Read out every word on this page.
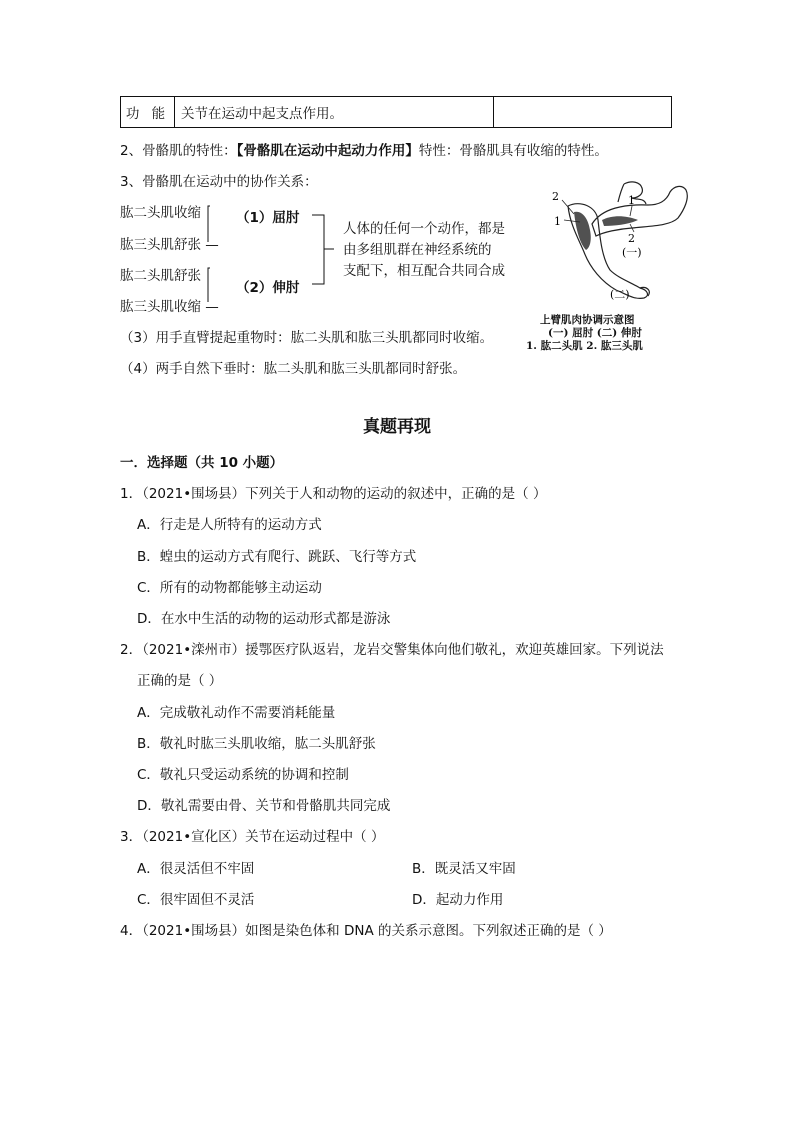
功 能 关节在运动中起支点作用。
2、骨骼肌的特性：【骨骼肌在运动中起动力作用】特性：骨骼肌具有收缩的特性。
3、骨骼肌在运动中的协作关系：
肱二头肌收缩
肱三头肌舒张 —
肱二头肌舒张
肱三头肌收缩 —
（1）屈肘
（2）伸肘
人体的任何一个动作，都是
由多组肌群在神经系统的
支配下，相互配合共同合成
2
1
1
2
(一)
(二)
上臂肌肉协调示意图
(一) 屈肘 (二) 伸肘
1. 肱二头肌 2. 肱三头肌
（3）用手直臂提起重物时：肱二头肌和肱三头肌都同时收缩。
（4）两手自然下垂时：肱二头肌和肱三头肌都同时舒张。
真题再现
一．选择题（共 10 小题）
1．（2021•围场县）下列关于人和动物的运动的叙述中，正确的是（ ）
A．行走是人所特有的运动方式
B．蝗虫的运动方式有爬行、跳跃、飞行等方式
C．所有的动物都能够主动运动
D．在水中生活的动物的运动形式都是游泳
2．（2021•滦州市）援鄂医疗队返岩，龙岩交警集体向他们敬礼，欢迎英雄回家。下列说法
正确的是（ ）
A．完成敬礼动作不需要消耗能量
B．敬礼时肱三头肌收缩，肱二头肌舒张
C．敬礼只受运动系统的协调和控制
D．敬礼需要由骨、关节和骨骼肌共同完成
3．（2021•宣化区）关节在运动过程中（ ）
A．很灵活但不牢固	B．既灵活又牢固
C．很牢固但不灵活	D．起动力作用
4．（2021•围场县）如图是染色体和 DNA 的关系示意图。下列叙述正确的是（ ）
